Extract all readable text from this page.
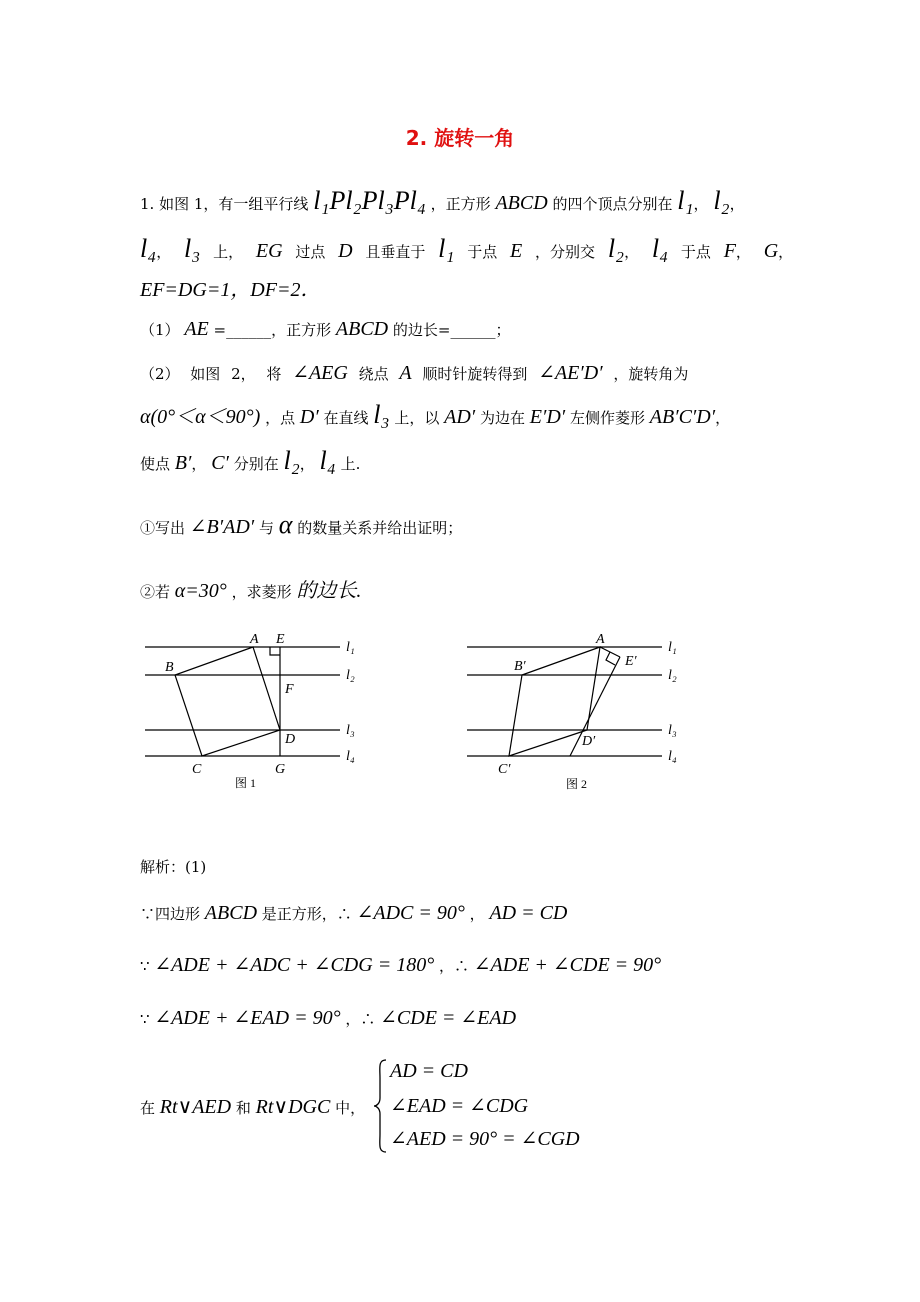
2. 旋转一角
1. 如图 1，有一组平行线 l₁Pl₂Pl₃Pl₄ ，正方形 ABCD 的四个顶点分别在 l₁， l₂，
l₄， l₃ 上， EG 过点 D 且垂直于 l₁ 于点 E ，分别交 l₂， l₄ 于点 F， G，
EF=DG=1，DF=2．
（1） AE =______，正方形 ABCD 的边长=______；
（2） 如图 2， 将 ∠AEG 绕点 A 顺时针旋转得到 ∠AE′D′ ，旋转角为
α(0°＜α＜90°) ，点 D′ 在直线 l₃ 上，以 AD′ 为边在 E′D′ 左侧作菱形 AB′C′D′，
使点 B′， C′ 分别在 l₂， l₄ 上.
①写出 ∠B′AD′ 与 α 的数量关系并给出证明；
②若 α=30° ，求菱形 的边长.
A E
B
F
D
C	G
l₁
l₂
l₃
l₄
图 1
A
E′
B′
D′
C′
l₁
l₂
l₃
l₄
图 2
解析：(1)
∵四边形 ABCD 是正方形，∴ ∠ADC = 90° ， AD = CD
∵ ∠ADE + ∠ADC + ∠CDG = 180° ，∴ ∠ADE + ∠CDE = 90°
∵ ∠ADE + ∠EAD = 90° ，∴ ∠CDE = ∠EAD
在 Rt∨AED 和 Rt∨DGC 中，
AD = CD
∠EAD = ∠CDG
∠AED = 90° = ∠CGD
